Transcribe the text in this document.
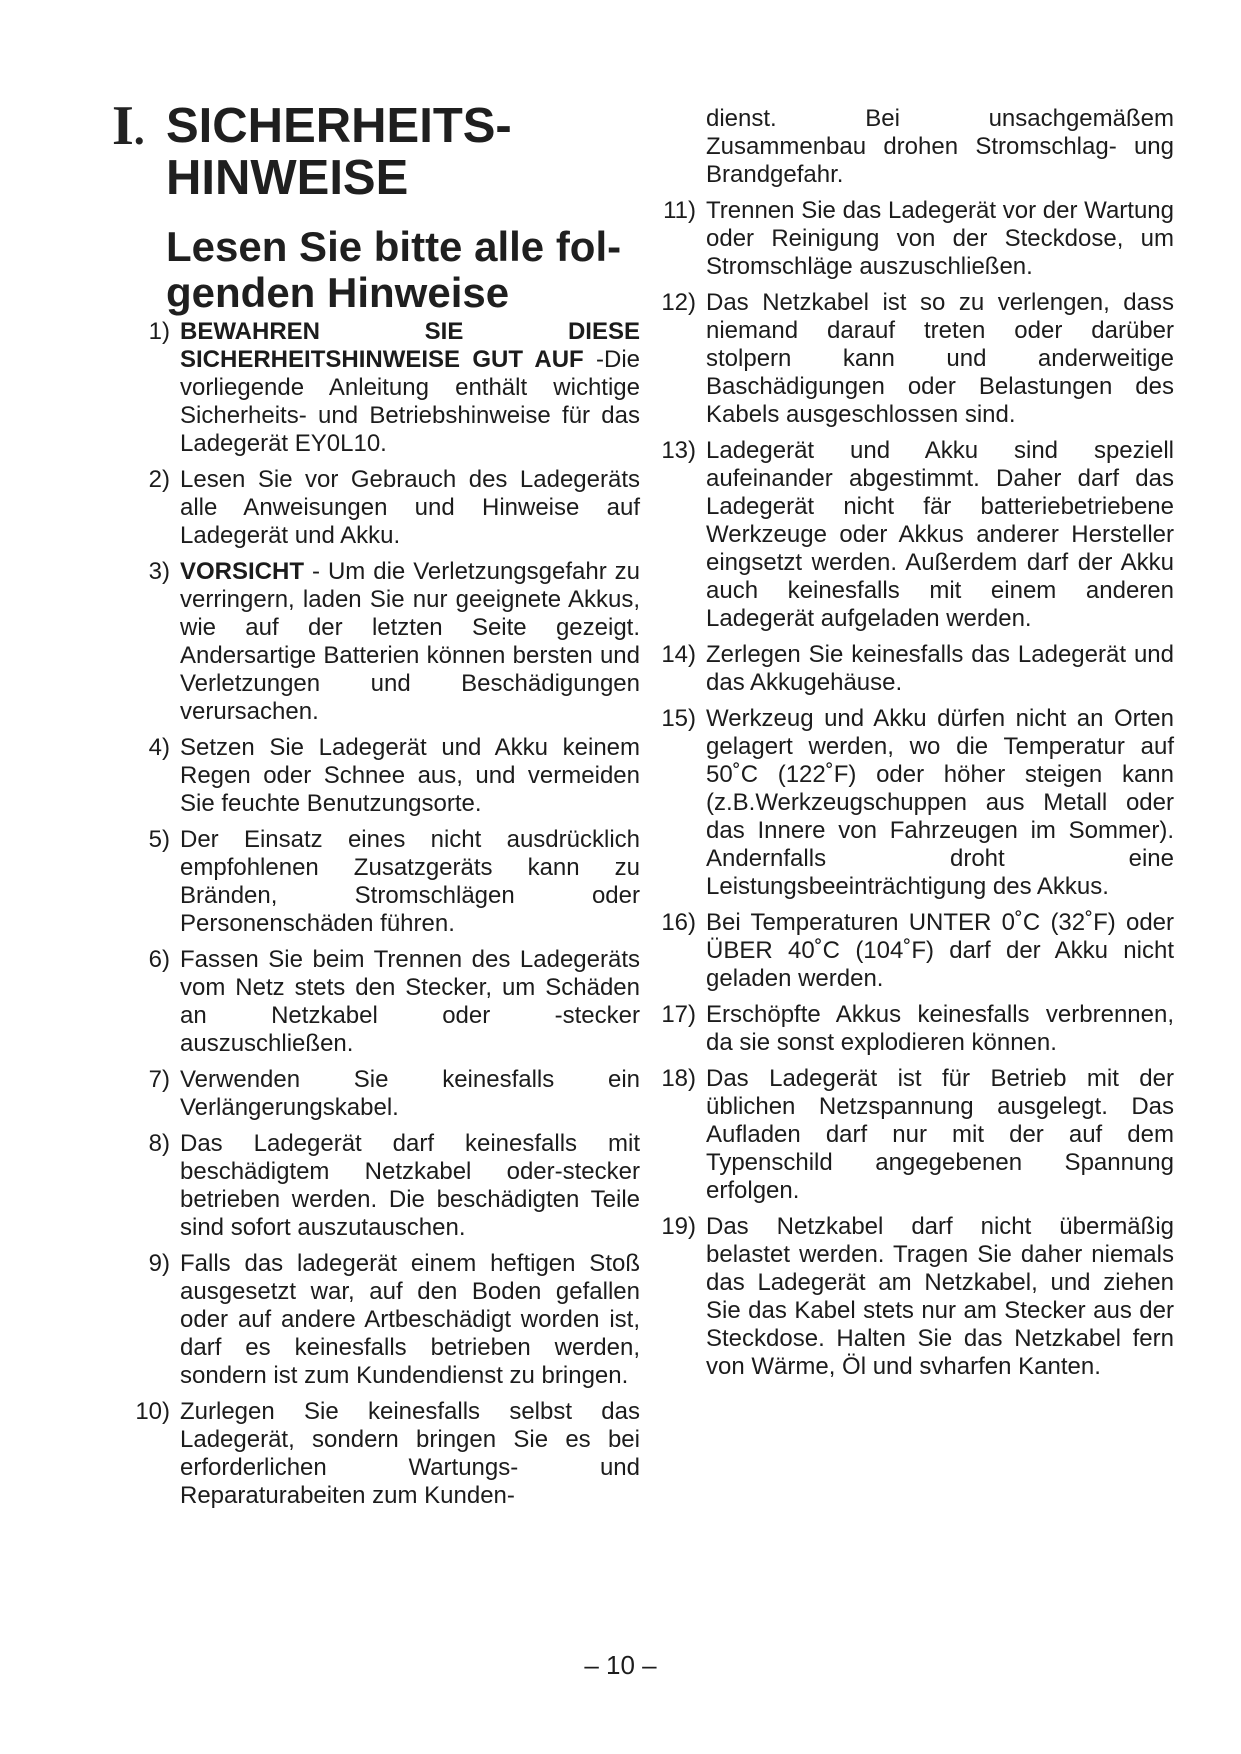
I. SICHERHEITS-
HINWEISE
Lesen Sie bitte alle fol-
genden Hinweise
1) BEWAHREN SIE DIESE SICHERHEITSHINWEISE GUT AUF -Die vorliegende Anleitung enthält wichtige Sicherheits- und Betriebshinweise für das Ladegerät EY0L10.
2) Lesen Sie vor Gebrauch des Ladegeräts alle Anweisungen und Hinweise auf Ladegerät und Akku.
3) VORSICHT - Um die Verletzungsgefahr zu verringern, laden Sie nur geeignete Akkus, wie auf der letzten Seite gezeigt. Andersartige Batterien können bersten und Verletzungen und Beschädigungen verursachen.
4) Setzen Sie Ladegerät und Akku keinem Regen oder Schnee aus, und vermeiden Sie feuchte Benutzungsorte.
5) Der Einsatz eines nicht ausdrücklich empfohlenen Zusatzgeräts kann zu Bränden, Stromschlägen oder Personenschäden führen.
6) Fassen Sie beim Trennen des Ladegeräts vom Netz stets den Stecker, um Schäden an Netzkabel oder -stecker auszuschließen.
7) Verwenden Sie keinesfalls ein Verlängerungskabel.
8) Das Ladegerät darf keinesfalls mit beschädigtem Netzkabel oder-stecker betrieben werden. Die beschädigten Teile sind sofort auszutauschen.
9) Falls das ladegerät einem heftigen Stoß ausgesetzt war, auf den Boden gefallen oder auf andere Artbeschädigt worden ist, darf es keinesfalls betrieben werden, sondern ist zum Kundendienst zu bringen.
10) Zurlegen Sie keinesfalls selbst das Ladegerät, sondern bringen Sie es bei erforderlichen Wartungs- und Reparaturabeiten zum Kunden-
dienst. Bei unsachgemäßem Zusammenbau drohen Stromschlag- ung Brandgefahr.
11) Trennen Sie das Ladegerät vor der Wartung oder Reinigung von der Steckdose, um Stromschläge auszuschließen.
12) Das Netzkabel ist so zu verlengen, dass niemand darauf treten oder darüber stolpern kann und anderweitige Baschädigungen oder Belastungen des Kabels ausgeschlossen sind.
13) Ladegerät und Akku sind speziell aufeinander abgestimmt. Daher darf das Ladegerät nicht fär batteriebetriebene Werkzeuge oder Akkus anderer Hersteller eingsetzt werden. Außerdem darf der Akku auch keinesfalls mit einem anderen Ladegerät aufgeladen werden.
14) Zerlegen Sie keinesfalls das Ladegerät und das Akkugehäuse.
15) Werkzeug und Akku dürfen nicht an Orten gelagert werden, wo die Temperatur auf 50˚C (122˚F) oder höher steigen kann (z.B.Werkzeugschuppen aus Metall oder das Innere von Fahrzeugen im Sommer). Andernfalls droht eine Leistungsbeeinträchtigung des Akkus.
16) Bei Temperaturen UNTER 0˚C (32˚F) oder ÜBER 40˚C (104˚F) darf der Akku nicht geladen werden.
17) Erschöpfte Akkus keinesfalls verbrennen, da sie sonst explodieren können.
18) Das Ladegerät ist für Betrieb mit der üblichen Netzspannung ausgelegt. Das Aufladen darf nur mit der auf dem Typenschild angegebenen Spannung erfolgen.
19) Das Netzkabel darf nicht übermäßig belastet werden. Tragen Sie daher niemals das Ladegerät am Netzkabel, und ziehen Sie das Kabel stets nur am Stecker aus der Steckdose. Halten Sie das Netzkabel fern von Wärme, Öl und svharfen Kanten.
– 10 –
